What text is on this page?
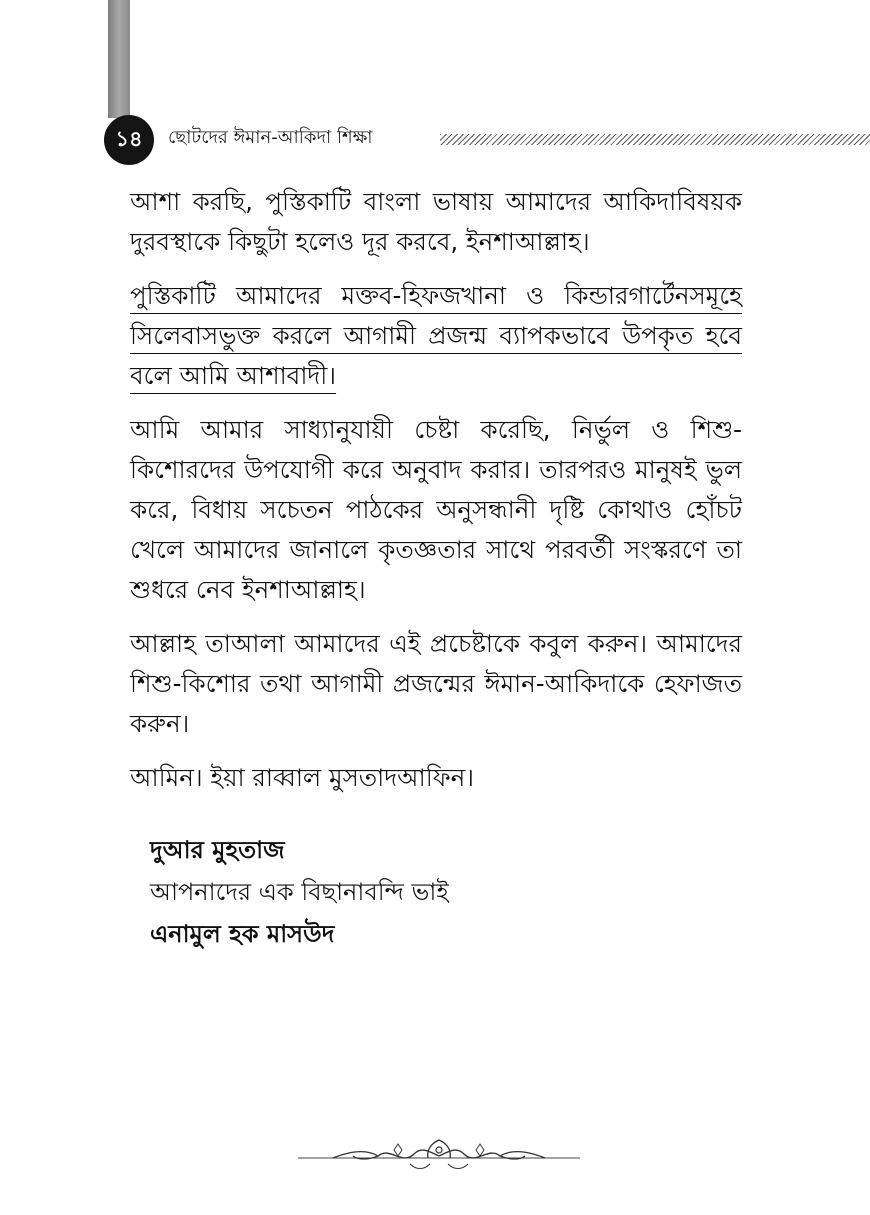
১৪	ছোটদের ঈমান-আকিদা শিক্ষা

আশা করছি, পুস্তিকাটি বাংলা ভাষায় আমাদের আকিদাবিষয়ক দুরবস্থাকে কিছুটা হলেও দূর করবে, ইনশাআল্লাহ।

পুস্তিকাটি আমাদের মক্তব-হিফজখানা ও কিন্ডারগার্টেনসমূহে সিলেবাসভুক্ত করলে আগামী প্রজন্ম ব্যাপকভাবে উপকৃত হবে বলে আমি আশাবাদী।

আমি আমার সাধ্যানুযায়ী চেষ্টা করেছি, নির্ভুল ও শিশু-কিশোরদের উপযোগী করে অনুবাদ করার। তারপরও মানুষই ভুল করে, বিধায় সচেতন পাঠকের অনুসন্ধানী দৃষ্টি কোথাও হোঁচট খেলে আমাদের জানালে কৃতজ্ঞতার সাথে পরবর্তী সংস্করণে তা শুধরে নেব ইনশাআল্লাহ।

আল্লাহ তাআলা আমাদের এই প্রচেষ্টাকে কবুল করুন। আমাদের শিশু-কিশোর তথা আগামী প্রজন্মের ঈমান-আকিদাকে হেফাজত করুন।

আমিন। ইয়া রাব্বাল মুসতাদআফিন।

দুআর মুহতাজ
আপনাদের এক বিছানাবন্দি ভাই
এনামুল হক মাসউদ
